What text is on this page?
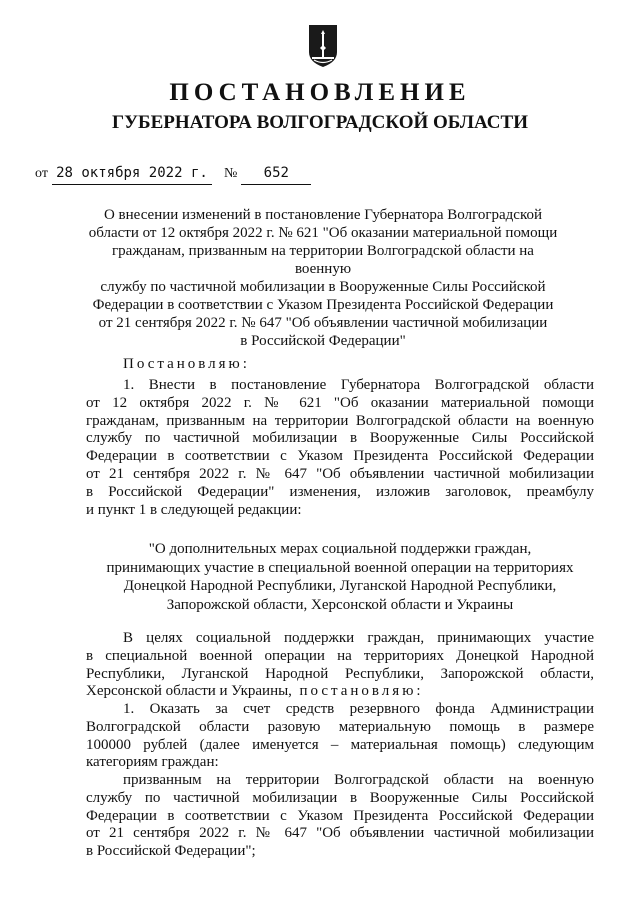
ПОСТАНОВЛЕНИЕ
ГУБЕРНАТОРА ВОЛГОГРАДСКОЙ ОБЛАСТИ
от 28 октября 2022 г. № 652
О внесении изменений в постановление Губернатора Волгоградской
области от 12 октября 2022 г. № 621 "Об оказании материальной помощи
гражданам, призванным на территории Волгоградской области на военную
службу по частичной мобилизации в Вооруженные Силы Российской
Федерации в соответствии с Указом Президента Российской Федерации
от 21 сентября 2022 г. № 647 "Об объявлении частичной мобилизации
в Российской Федерации"
Постановляю:
1. Внести в постановление Губернатора Волгоградской области
от 12 октября 2022 г. № 621 "Об оказании материальной помощи
гражданам, призванным на территории Волгоградской области на военную
службу по частичной мобилизации в Вооруженные Силы Российской
Федерации в соответствии с Указом Президента Российской Федерации
от 21 сентября 2022 г. № 647 "Об объявлении частичной мобилизации
в Российской Федерации" изменения, изложив заголовок, преамбулу
и пункт 1 в следующей редакции:
"О дополнительных мерах социальной поддержки граждан,
принимающих участие в специальной военной операции на территориях
Донецкой Народной Республики, Луганской Народной Республики,
Запорожской области, Херсонской области и Украины
В целях социальной поддержки граждан, принимающих участие
в специальной военной операции на территориях Донецкой Народной
Республики, Луганской Народной Республики, Запорожской области,
Херсонской области и Украины, постановляю:
1. Оказать за счет средств резервного фонда Администрации
Волгоградской области разовую материальную помощь в размере
100000 рублей (далее именуется – материальная помощь) следующим
категориям граждан:
призванным на территории Волгоградской области на военную
службу по частичной мобилизации в Вооруженные Силы Российской
Федерации в соответствии с Указом Президента Российской Федерации
от 21 сентября 2022 г. № 647 "Об объявлении частичной мобилизации
в Российской Федерации";
